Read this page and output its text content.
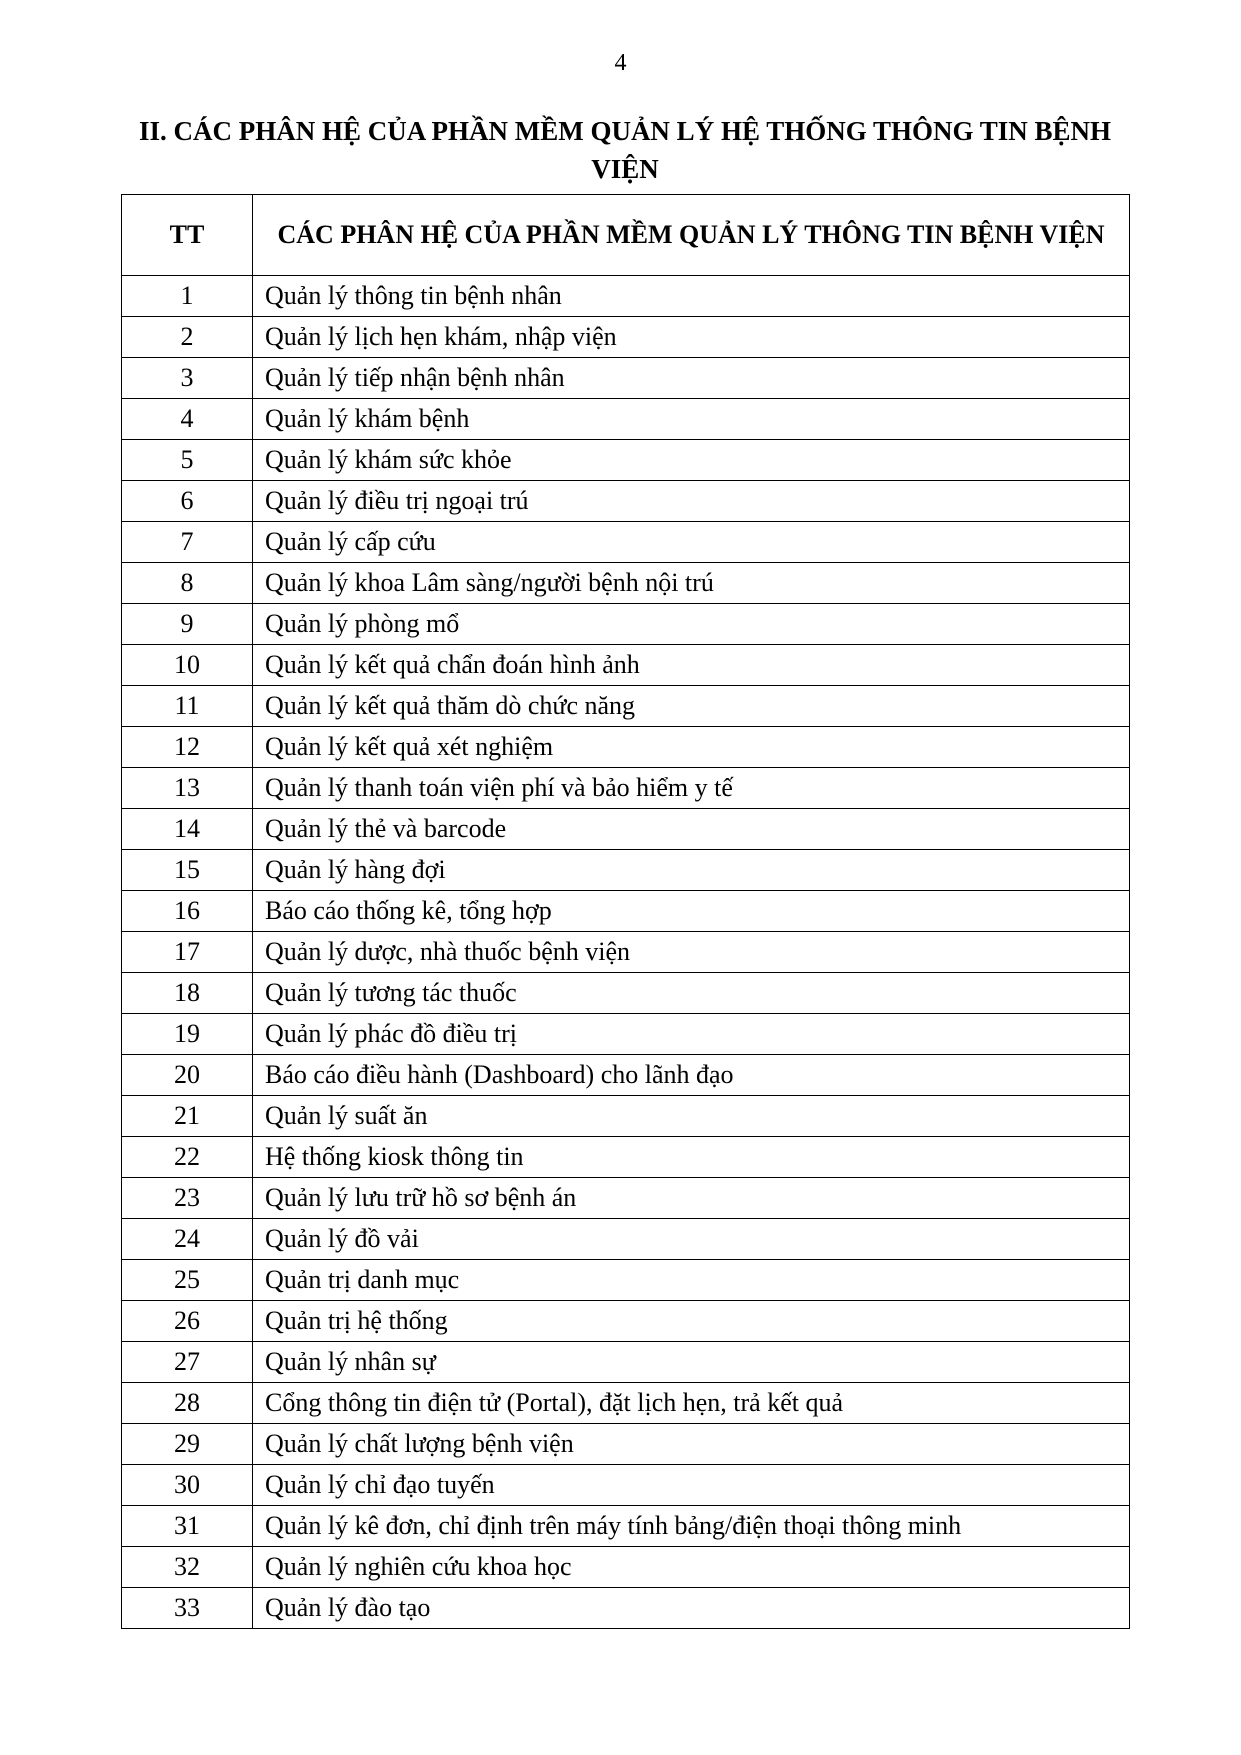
4
II. CÁC PHÂN HỆ CỦA PHẦN MỀM QUẢN LÝ HỆ THỐNG THÔNG TIN BỆNH VIỆN
TT	CÁC PHÂN HỆ CỦA PHẦN MỀM QUẢN LÝ THÔNG TIN BỆNH VIỆN
1	Quản lý thông tin bệnh nhân
2	Quản lý lịch hẹn khám, nhập viện
3	Quản lý tiếp nhận bệnh nhân
4	Quản lý khám bệnh
5	Quản lý khám sức khỏe
6	Quản lý điều trị ngoại trú
7	Quản lý cấp cứu
8	Quản lý khoa Lâm sàng/người bệnh nội trú
9	Quản lý phòng mổ
10	Quản lý kết quả chẩn đoán hình ảnh
11	Quản lý kết quả thăm dò chức năng
12	Quản lý kết quả xét nghiệm
13	Quản lý thanh toán viện phí và bảo hiểm y tế
14	Quản lý thẻ và barcode
15	Quản lý hàng đợi
16	Báo cáo thống kê, tổng hợp
17	Quản lý dược, nhà thuốc bệnh viện
18	Quản lý tương tác thuốc
19	Quản lý phác đồ điều trị
20	Báo cáo điều hành (Dashboard) cho lãnh đạo
21	Quản lý suất ăn
22	Hệ thống kiosk thông tin
23	Quản lý lưu trữ hồ sơ bệnh án
24	Quản lý đồ vải
25	Quản trị danh mục
26	Quản trị hệ thống
27	Quản lý nhân sự
28	Cổng thông tin điện tử (Portal), đặt lịch hẹn, trả kết quả
29	Quản lý chất lượng bệnh viện
30	Quản lý chỉ đạo tuyến
31	Quản lý kê đơn, chỉ định trên máy tính bảng/điện thoại thông minh
32	Quản lý nghiên cứu khoa học
33	Quản lý đào tạo
